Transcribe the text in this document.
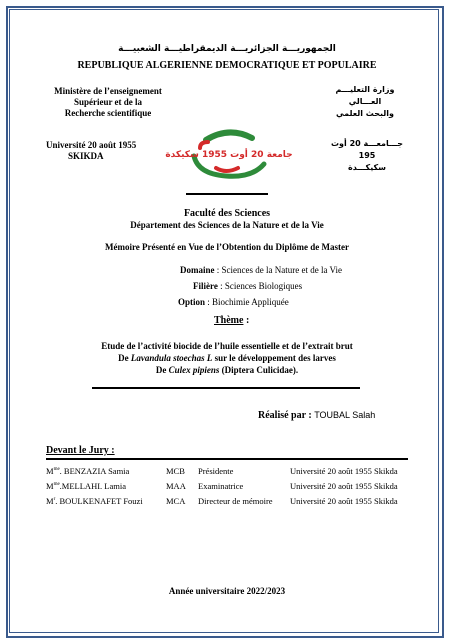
الجمهوريـــة الجزائريـــة الديمقراطيـــة الشعبيـــة
REPUBLIQUE ALGERIENNE DEMOCRATIQUE ET POPULAIRE
Ministère de l’enseignement
Supérieur et de la
Recherche scientifique
وزارة التعليـــم العـــالي
والبحث العلمي
Université 20 août 1955
SKIKDA
جـــامعـــة 20 أوت 195
سكيكـــدة
جامعة 20 أوت 1955 سكيكدة
Faculté des Sciences
Département des Sciences de la Nature et de la Vie
Mémoire Présenté en Vue de l’Obtention du Diplôme de Master
Domaine : Sciences de la Nature et de la Vie
Filière : Sciences Biologiques
Option : Biochimie Appliquée
Thème :
Etude de l’activité biocide de l’huile essentielle et de l’extrait brut
De Lavandula stoechas L sur le développement des larves
De Culex pipiens (Diptera Culicidae).
Réalisé par : TOUBAL Salah
Devant le Jury :
$M^{me}$. BENZAZIA Samia	MCB	Présidente	Université 20 août 1955 Skikda
$M^{me}.MELLAHI$. Lamia	MAA	Examinatrice	Université 20 août 1955 Skikda
$M^r$. BOULKENAFET Fouzi	MCA	Directeur de mémoire	Université 20 août 1955 Skikda
Année universitaire 2022/2023
